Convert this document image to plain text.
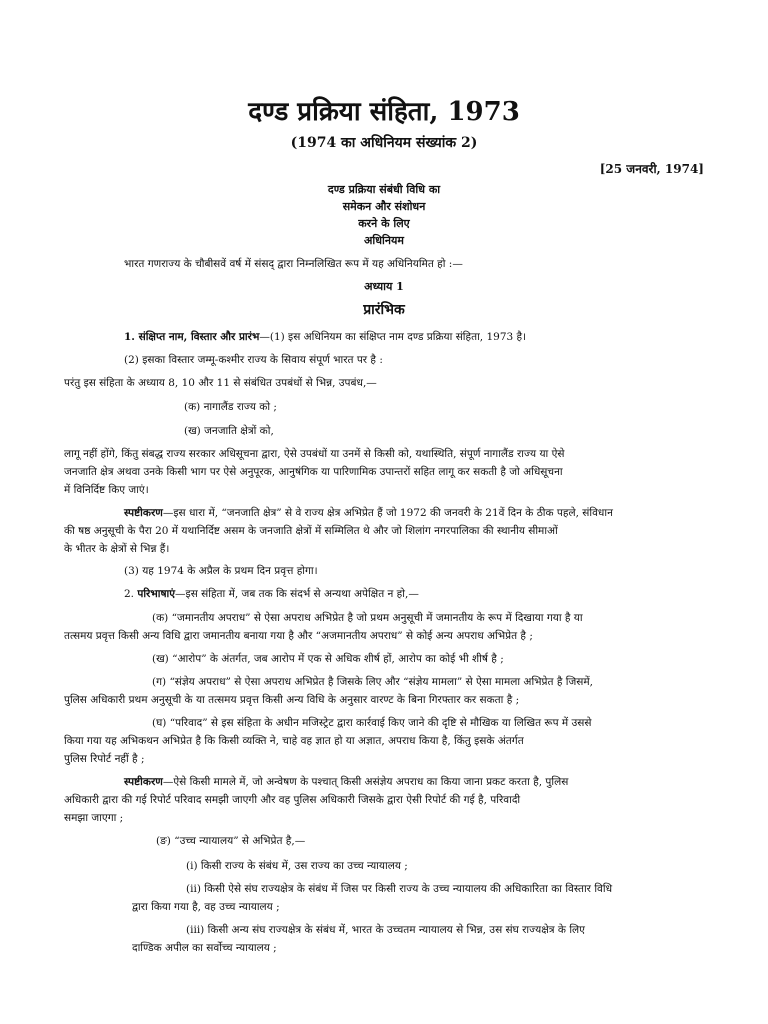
दण्ड प्रक्रिया संहिता, 1973
(1974 का अधिनियम संख्यांक 2)
[25 जनवरी, 1974]
दण्ड प्रक्रिया संबंधी विधि का
समेकन और संशोधन
करने के लिए
अधिनियम
भारत गणराज्य के चौबीसवें वर्ष में संसद् द्वारा निम्नलिखित रूप में यह अधिनियमित हो :—
अध्याय 1
प्रारंभिक
1. संक्षिप्त नाम, विस्तार और प्रारंभ—(1) इस अधिनियम का संक्षिप्त नाम दण्ड प्रक्रिया संहिता, 1973 है।
(2) इसका विस्तार जम्मू-कश्मीर राज्य के सिवाय संपूर्ण भारत पर है :
परंतु इस संहिता के अध्याय 8, 10 और 11 से संबंधित उपबंधों से भिन्न, उपबंध,—
(क) नागालैंड राज्य को ;
(ख) जनजाति क्षेत्रों को,
लागू नहीं होंगे, किंतु संबद्ध राज्य सरकार अधिसूचना द्वारा, ऐसे उपबंधों या उनमें से किसी को, यथास्थिति, संपूर्ण नागालैंड राज्य या ऐसे
जनजाति क्षेत्र अथवा उनके किसी भाग पर ऐसे अनुपूरक, आनुषंगिक या पारिणामिक उपान्तरों सहित लागू कर सकती है जो अधिसूचना
में विनिर्दिष्ट किए जाएं।
स्पष्टीकरण—इस धारा में, “जनजाति क्षेत्र” से वे राज्य क्षेत्र अभिप्रेत हैं जो 1972 की जनवरी के 21वें दिन के ठीक पहले, संविधान
की षष्ठ अनुसूची के पैरा 20 में यथानिर्दिष्ट असम के जनजाति क्षेत्रों में सम्मिलित थे और जो शिलांग नगरपालिका की स्थानीय सीमाओं
के भीतर के क्षेत्रों से भिन्न हैं।
(3) यह 1974 के अप्रैल के प्रथम दिन प्रवृत्त होगा।
2. परिभाषाएं—इस संहिता में, जब तक कि संदर्भ से अन्यथा अपेक्षित न हो,—
(क) “जमानतीय अपराध” से ऐसा अपराध अभिप्रेत है जो प्रथम अनुसूची में जमानतीय के रूप में दिखाया गया है या
तत्समय प्रवृत्त किसी अन्य विधि द्वारा जमानतीय बनाया गया है और “अजमानतीय अपराध” से कोई अन्य अपराध अभिप्रेत है ;
(ख) “आरोप” के अंतर्गत, जब आरोप में एक से अधिक शीर्ष हों, आरोप का कोई भी शीर्ष है ;
(ग) “संज्ञेय अपराध” से ऐसा अपराध अभिप्रेत है जिसके लिए और “संज्ञेय मामला” से ऐसा मामला अभिप्रेत है जिसमें,
पुलिस अधिकारी प्रथम अनुसूची के या तत्समय प्रवृत्त किसी अन्य विधि के अनुसार वारण्ट के बिना गिरफ्तार कर सकता है ;
(घ) “परिवाद” से इस संहिता के अधीन मजिस्ट्रेट द्वारा कार्रवाई किए जाने की दृष्टि से मौखिक या लिखित रूप में उससे
किया गया यह अभिकथन अभिप्रेत है कि किसी व्यक्ति ने, चाहे वह ज्ञात हो या अज्ञात, अपराध किया है, किंतु इसके अंतर्गत
पुलिस रिपोर्ट नहीं है ;
स्पष्टीकरण—ऐसे किसी मामले में, जो अन्वेषण के पश्चात् किसी असंज्ञेय अपराध का किया जाना प्रकट करता है, पुलिस
अधिकारी द्वारा की गई रिपोर्ट परिवाद समझी जाएगी और वह पुलिस अधिकारी जिसके द्वारा ऐसी रिपोर्ट की गई है, परिवादी
समझा जाएगा ;
(ङ) “उच्च न्यायालय” से अभिप्रेत है,—
(i) किसी राज्य के संबंध में, उस राज्य का उच्च न्यायालय ;
(ii) किसी ऐसे संघ राज्यक्षेत्र के संबंध में जिस पर किसी राज्य के उच्च न्यायालय की अधिकारिता का विस्तार विधि
द्वारा किया गया है, वह उच्च न्यायालय ;
(iii) किसी अन्य संघ राज्यक्षेत्र के संबंध में, भारत के उच्चतम न्यायालय से भिन्न, उस संघ राज्यक्षेत्र के लिए
दाण्डिक अपील का सर्वोच्च न्यायालय ;
